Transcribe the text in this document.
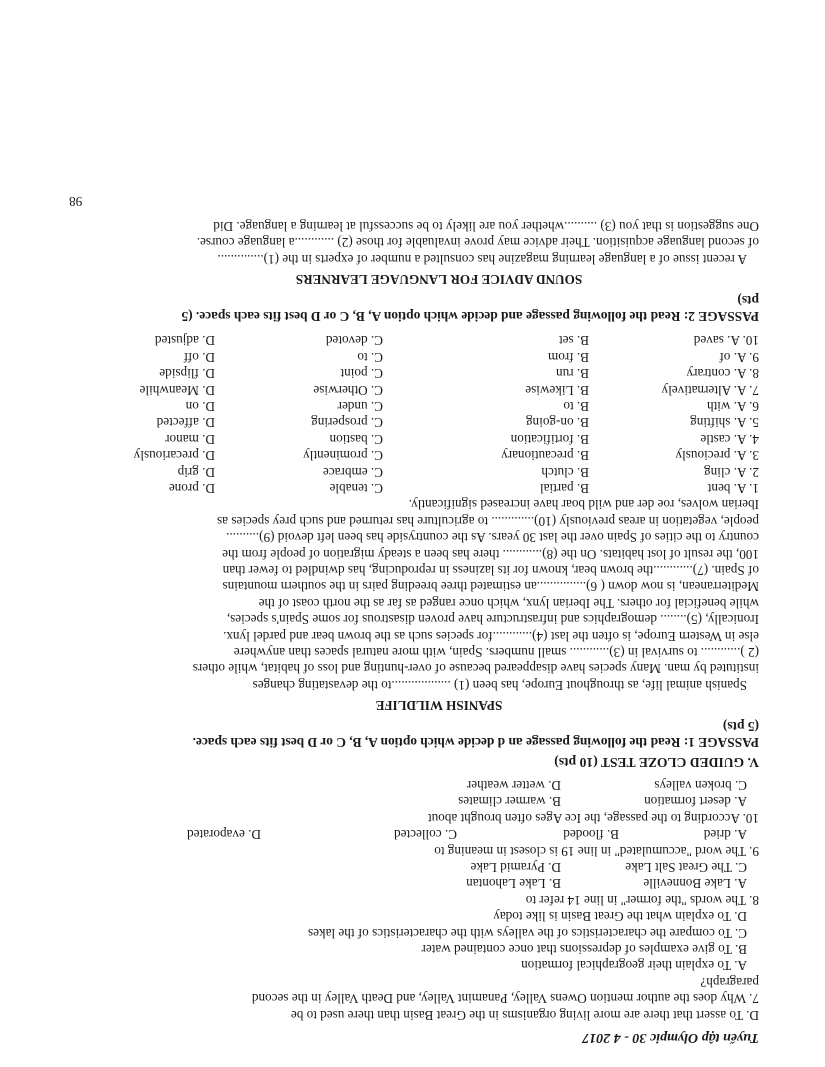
Tuyển tập Olympic 30 - 4 2017
D. To assert that there are more living organisms in the Great Basin than there used to be
7. Why does the author mention Owens Valley, Panamint Valley, and Death Valley in the second
paragraph?
A. To explain their geographical formation
B. To give examples of depressions that once contained water
C. To compare the characteristics of the valleys with the characteristics of the lakes
D. To explain what the Great Basin is like today
8. The words "the former" in line 14 refer to
A. Lake Bonneville
B. Lake Lahontan
C. The Great Salt Lake
D. Pyramid Lake
9. The word "accumulated" in line 19 is closest in meaning to
A. dried
B. flooded
C. collected
D. evaporated
10. According to the passage, the Ice Ages often brought about
A. desert formation
B. warmer climates
C. broken valleys
D. wetter weather
V. GUIDED CLOZE TEST (10 pts)
PASSAGE 1: Read the following passage an d decide which option A, B, C or D best fits each space.
(5 pts)
SPANISH WILDLIFE
Spanish animal life, as throughout Europe, has been (1) ..................to the devastating changes
instituted by man. Many species have disappeared because of over-hunting and loss of habitat, while others
(2 )............ to survival in (3)............ small numbers. Spain, with more natural spaces than anywhere
else in Western Europe, is often the last (4)............for species such as the brown bear and pardel lynx.
Ironically, (5)........ demographics and infrastructure have proven disastrous for some Spain's species,
while beneficial for others. The Iberian lynx, which once ranged as far as the north coast of the
Mediterranean, is now down ( 6)...............an estimated three breeding pairs in the southern mountains
of Spain. (7)............the brown bear, known for its laziness in reproducing, has dwindled to fewer than
100, the result of lost habitats. On the (8)............ there has been a steady migration of people from the
country to the cities of Spain over the last 30 years. As the countryside has been left devoid (9)..........
people, vegetation in areas previously (10)............. to agriculture has returned and such prey species as
Iberian wolves, roe der and wild boar have increased significantly.
1. A. bent
B. partial
C. tenable
D. prone
2. A. cling
B. clutch
C. embrace
D. grip
3. A. preciously
B. precautionary
C. prominently
D. precariously
4. A. castle
B. fortification
C. bastion
D. manor
5. A. shifting
B. on-going
C. prospering
D. affected
6. A. with
B. to
C. under
D. on
7. A. Alternatively
B. Likewise
C. Otherwise
D. Meanwhile
8. A. contrary
B. run
C. point
D. flipside
9. A. of
B. from
C. to
D. off
10. A. saved
B. set
C. devoted
D. adjusted
PASSAGE 2: Read the following passage and decide which option A, B, C or D best fits each space. (5
pts)
SOUND ADVICE FOR LANGUAGE LEARNERS
A recent issue of a language learning magazine has consulted a number of experts in the (1)..............
of second language acquisition. Their advice may prove invaluable for those (2) ............a language course.
One suggestion is that you (3) ..........whether you are likely to be successful at learning a language. Did
98
